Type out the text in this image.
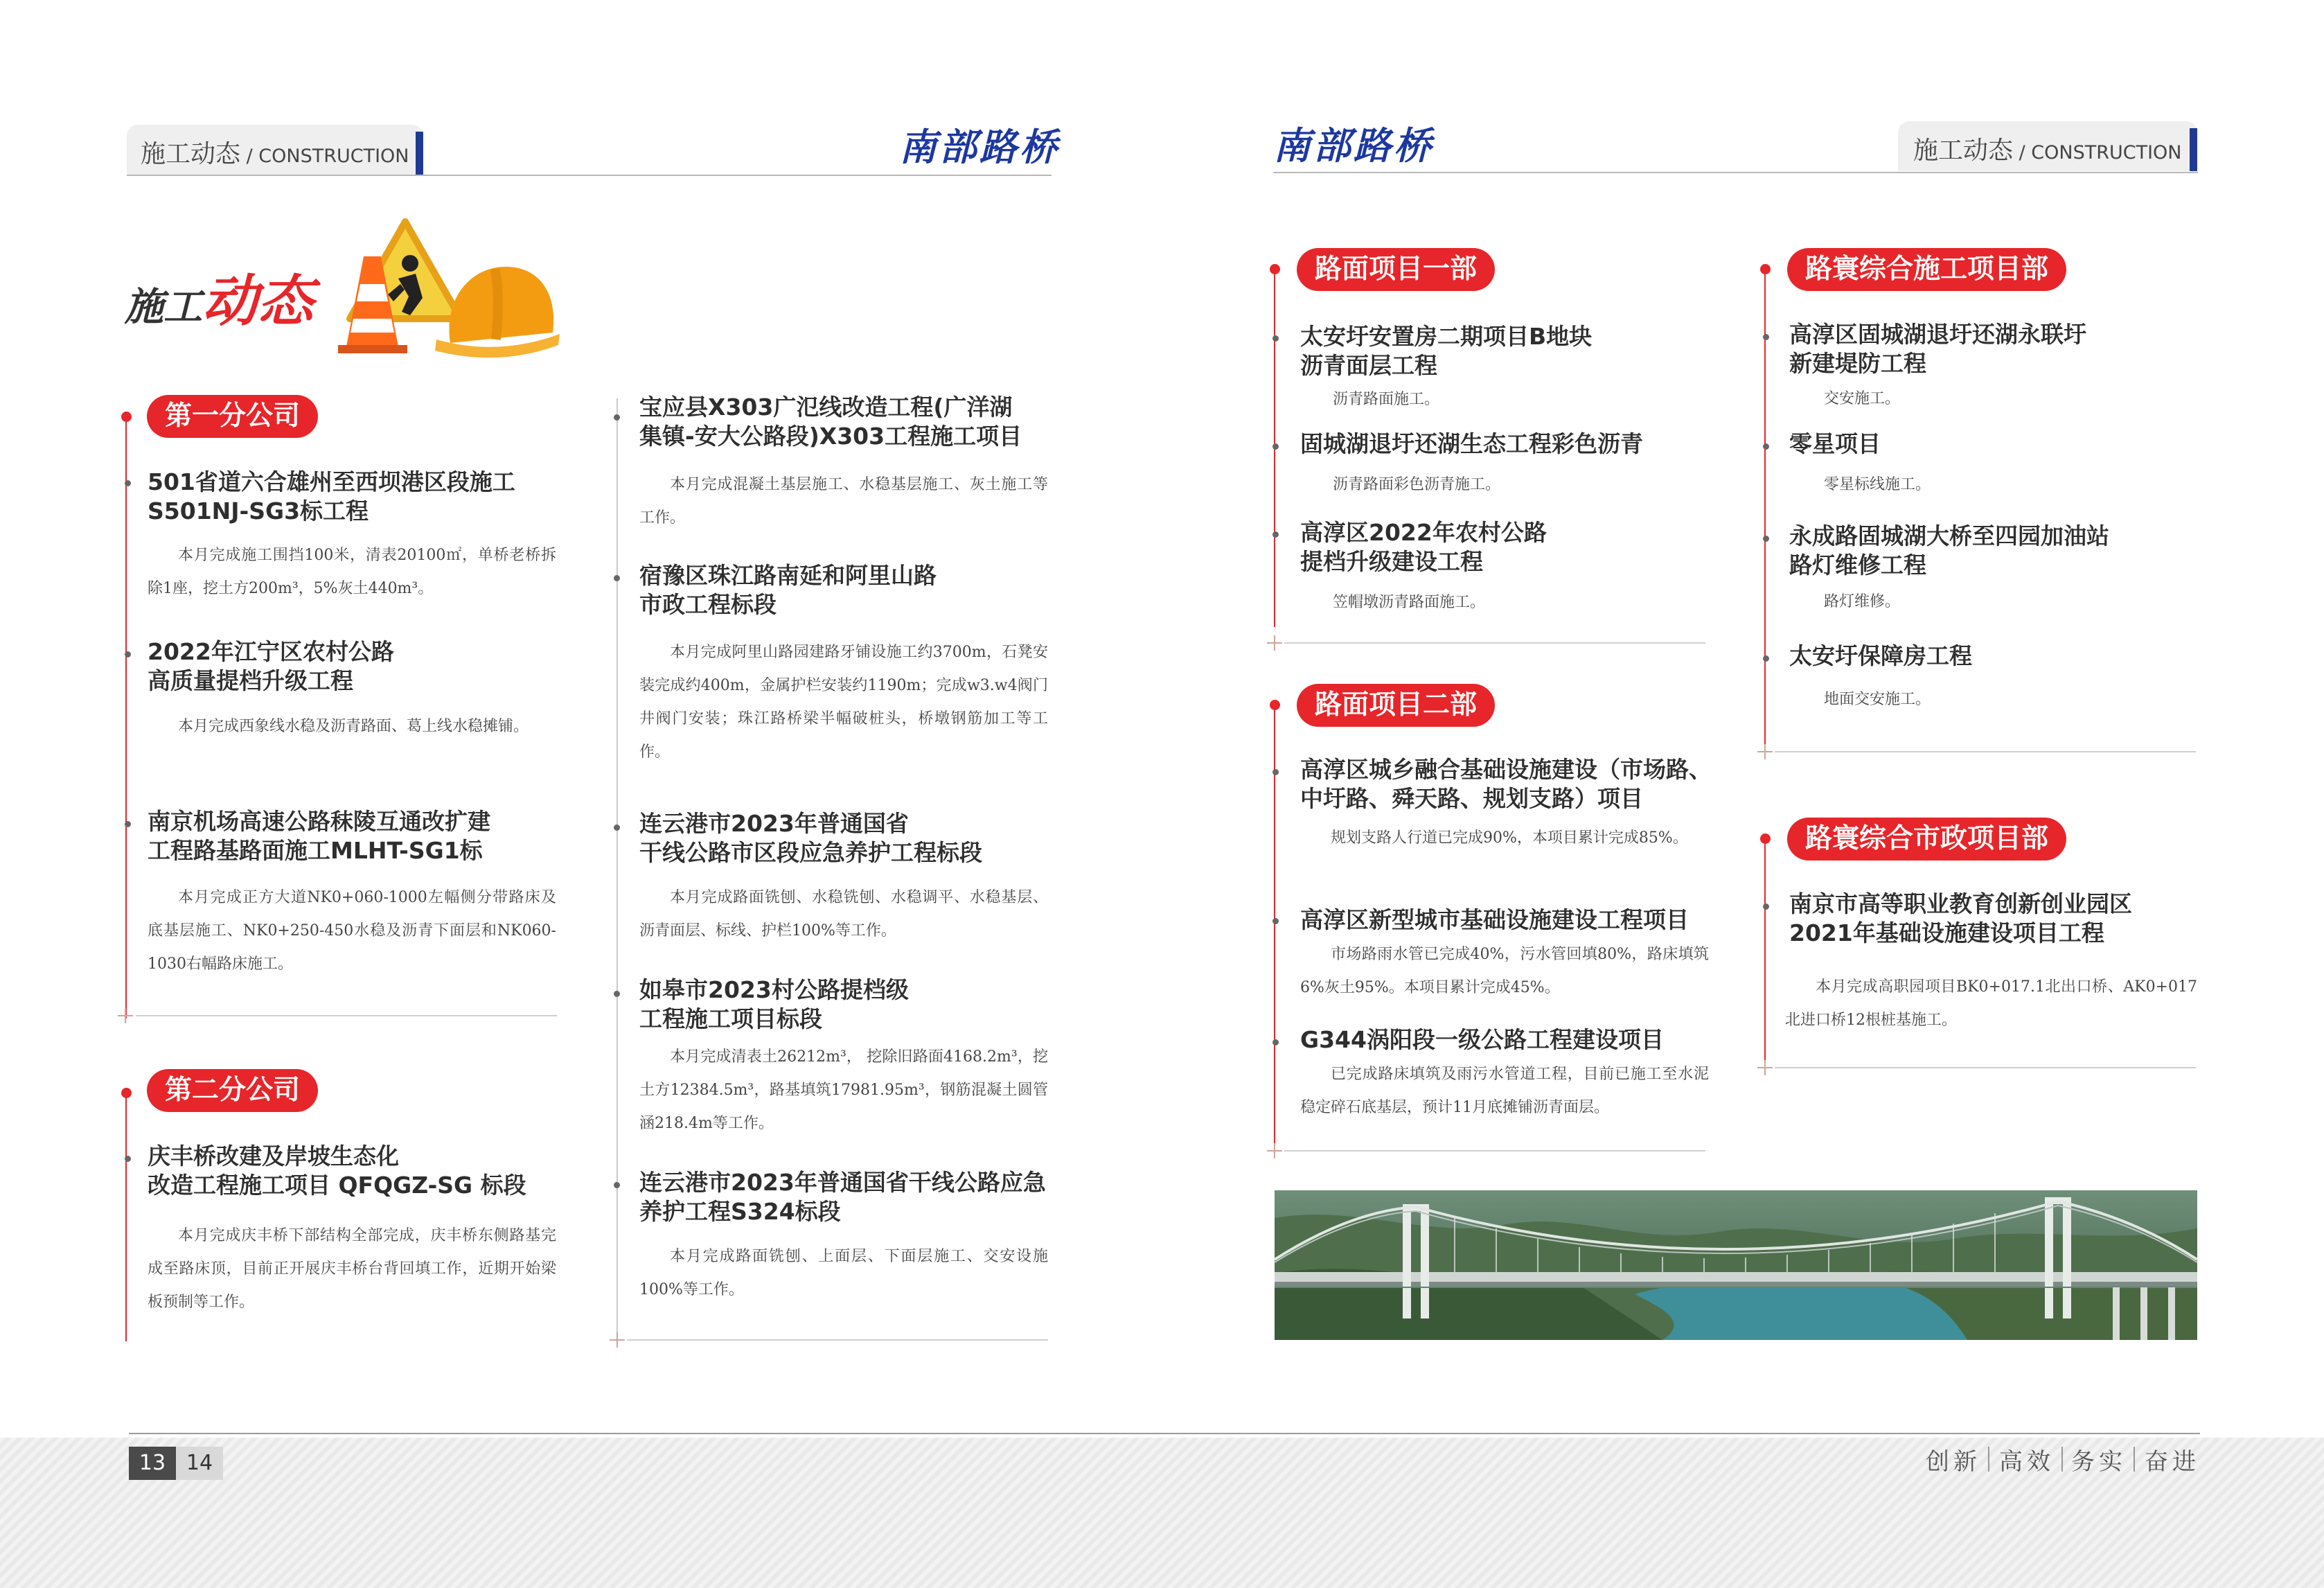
13 14	创新 高效 务实 奋进
施工动态 / CONSTRUCTION	南部路桥	南部路桥	施工动态 / CONSTRUCTION
施工动态
第一分公司
501省道六合雄州至西坝港区段施工
S501NJ-SG3标工程
本月完成施工围挡100米，清表20100㎡，单桥老桥拆除1座，挖土方200m³，5%灰土440m³。
2022年江宁区农村公路
高质量提档升级工程
本月完成西象线水稳及沥青路面、葛上线水稳摊铺。
南京机场高速公路秣陵互通改扩建
工程路基路面施工MLHT-SG1标
本月完成正方大道NK0+060-1000左幅侧分带路床及底基层施工、NK0+250-450水稳及沥青下面层和NK060-1030右幅路床施工。
第二分公司
庆丰桥改建及岸坡生态化
改造工程施工项目 QFQGZ-SG 标段
本月完成庆丰桥下部结构全部完成，庆丰桥东侧路基完成至路床顶，目前正开展庆丰桥台背回填工作，近期开始梁板预制等工作。
宝应县X303广氾线改造工程(广洋湖
集镇-安大公路段)X303工程施工项目
本月完成混凝土基层施工、水稳基层施工、灰土施工等工作。
宿豫区珠江路南延和阿里山路
市政工程标段
本月完成阿里山路园建路牙铺设施工约3700m，石凳安装完成约400m，金属护栏安装约1190m；完成w3.w4阀门井阀门安装；珠江路桥梁半幅破桩头，桥墩钢筋加工等工作。
连云港市2023年普通国省
干线公路市区段应急养护工程标段
本月完成路面铣刨、水稳铣刨、水稳调平、水稳基层、沥青面层、标线、护栏100%等工作。
如皋市2023村公路提档级
工程施工项目标段
本月完成清表土26212m³， 挖除旧路面4168.2m³，挖土方12384.5m³，路基填筑17981.95m³，钢筋混凝土圆管涵218.4m等工作。
连云港市2023年普通国省干线公路应急
养护工程S324标段
本月完成路面铣刨、上面层、下面层施工、交安设施100%等工作。
路面项目一部
太安圩安置房二期项目B地块
沥青面层工程
沥青路面施工。
固城湖退圩还湖生态工程彩色沥青
沥青路面彩色沥青施工。
高淳区2022年农村公路
提档升级建设工程
笠帽墩沥青路面施工。
路面项目二部
高淳区城乡融合基础设施建设（市场路、
中圩路、舜天路、规划支路）项目
规划支路人行道已完成90%，本项目累计完成85%。
高淳区新型城市基础设施建设工程项目
市场路雨水管已完成40%，污水管回填80%，路床填筑6%灰土95%。本项目累计完成45%。
G344涡阳段一级公路工程建设项目
已完成路床填筑及雨污水管道工程，目前已施工至水泥稳定碎石底基层，预计11月底摊铺沥青面层。
路寰综合施工项目部
高淳区固城湖退圩还湖永联圩
新建堤防工程
交安施工。
零星项目
零星标线施工。
永成路固城湖大桥至四园加油站
路灯维修工程
路灯维修。
太安圩保障房工程
地面交安施工。
路寰综合市政项目部
南京市高等职业教育创新创业园区
2021年基础设施建设项目工程
本月完成高职园项目BK0+017.1北出口桥、AK0+017北进口桥12根桩基施工。
